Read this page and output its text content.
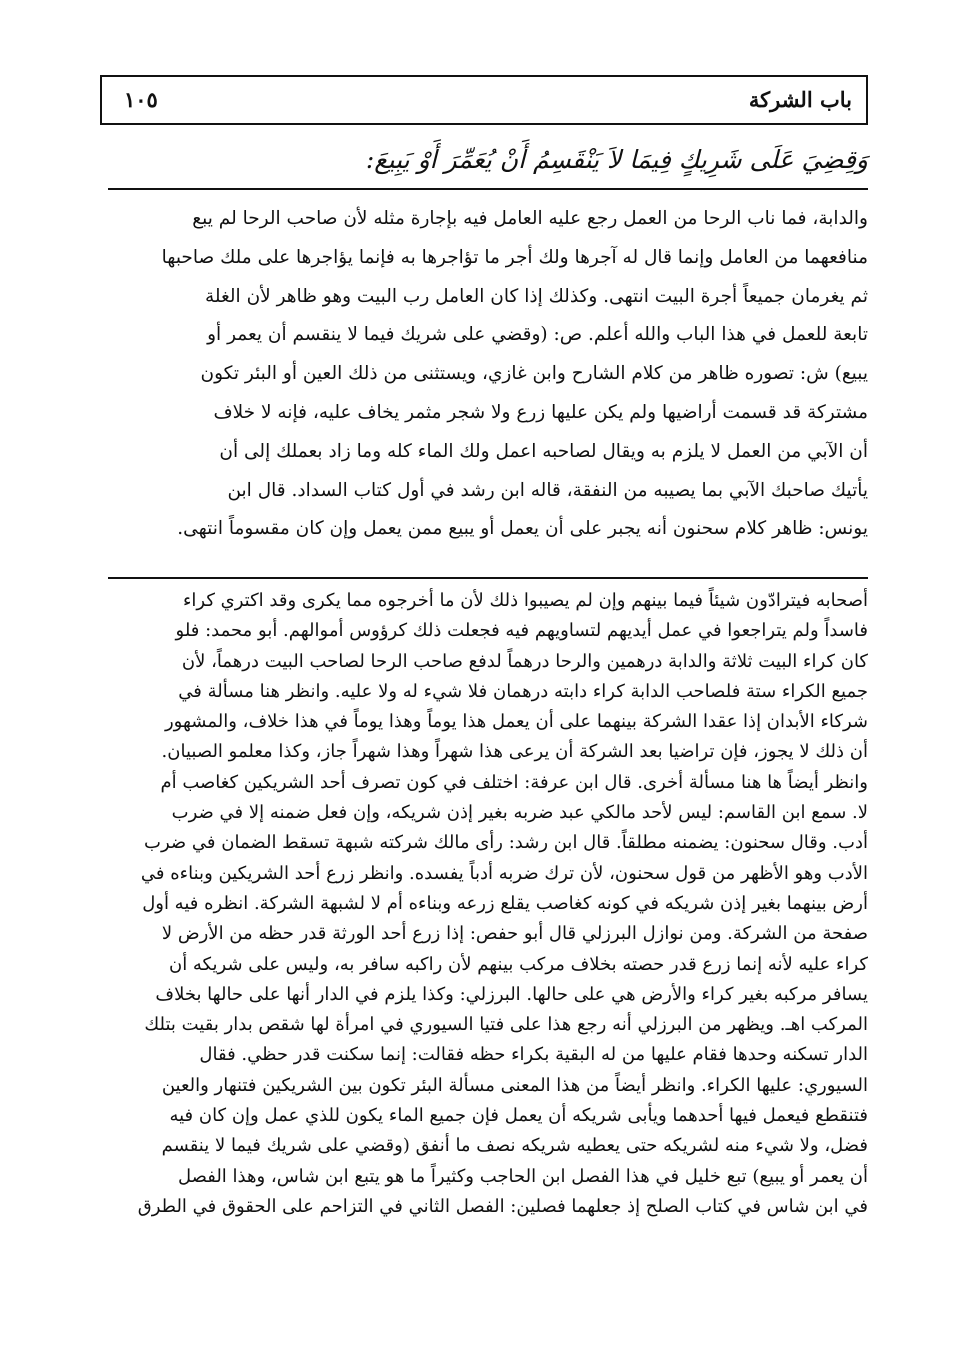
باب الشركة
١٠٥
وَقِضِيَ عَلَى شَرِيكٍ فِيمَا لاَ يَنْقَسِمُ أَنْ يُعَمِّرَ أَوْ يَبِيعَ:
والدابة، فما ناب الرحا من العمل رجع عليه العامل فيه بإجارة مثله لأن صاحب الرحا لم يبع
منافعهما من العامل وإنما قال له آجرها ولك أجر ما تؤاجرها به فإنما يؤاجرها على ملك صاحبها
ثم يغرمان جميعاً أجرة البيت انتهى. وكذلك إذا كان العامل رب البيت وهو ظاهر لأن الغلة
تابعة للعمل في هذا الباب والله أعلم. ص: (وقضي على شريك فيما لا ينقسم أن يعمر أو
يبيع) ش: تصوره ظاهر من كلام الشارح وابن غازي، ويستثنى من ذلك العين أو البئر تكون
مشتركة قد قسمت أراضيها ولم يكن عليها زرع ولا شجر مثمر يخاف عليه، فإنه لا خلاف
أن الآبي من العمل لا يلزم به ويقال لصاحبه اعمل ولك الماء كله وما زاد بعملك إلى أن
يأتيك صاحبك الآبي بما يصيبه من النفقة، قاله ابن رشد في أول كتاب السداد. قال ابن
يونس: ظاهر كلام سحنون أنه يجبر على أن يعمل أو يبيع ممن يعمل وإن كان مقسوماً انتهى.
أصحابه فيترادّون شيئاً فيما بينهم وإن لم يصيبوا ذلك لأن ما أخرجوه مما يكرى وقد اكتري كراء
فاسداً ولم يتراجعوا في عمل أيديهم لتساويهم فيه فجعلت ذلك كرؤوس أموالهم. أبو محمد: فلو
كان كراء البيت ثلاثة والدابة درهمين والرحا درهماً لدفع صاحب الرحا لصاحب البيت درهماً، لأن
جميع الكراء ستة فلصاحب الدابة كراء دابته درهمان فلا شيء له ولا عليه. وانظر هنا مسألة في
شركاء الأبدان إذا عقدا الشركة بينهما على أن يعمل هذا يوماً وهذا يوماً في هذا خلاف، والمشهور
أن ذلك لا يجوز، فإن تراضيا بعد الشركة أن يرعى هذا شهراً وهذا شهراً جاز، وكذا معلمو الصبيان.
وانظر أيضاً ها هنا مسألة أخرى. قال ابن عرفة: اختلف في كون تصرف أحد الشريكين كغاصب أم
لا. سمع ابن القاسم: ليس لأحد مالكي عبد ضربه بغير إذن شريكه، وإن فعل ضمنه إلا في ضرب
أدب. وقال سحنون: يضمنه مطلقاً. قال ابن رشد: رأى مالك شركته شبهة تسقط الضمان في ضرب
الأدب وهو الأظهر من قول سحنون، لأن ترك ضربه أدباً يفسده. وانظر زرع أحد الشريكين وبناءه في
أرض بينهما بغير إذن شريكه في كونه كغاصب يقلع زرعه وبناءه أم لا لشبهة الشركة. انظره فيه أول
صفحة من الشركة. ومن نوازل البرزلي قال أبو حفص: إذا زرع أحد الورثة قدر حظه من الأرض لا
كراء عليه لأنه إنما زرع قدر حصته بخلاف مركب بينهم لأن راكبه سافر به، وليس على شريكه أن
يسافر مركبه بغير كراء والأرض هي على حالها. البرزلي: وكذا يلزم في الدار أنها على حالها بخلاف
المركب اهـ. ويظهر من البرزلي أنه رجع هذا على فتيا السيوري في امرأة لها شقص بدار بقيت بتلك
الدار تسكنه وحدها فقام عليها من له البقية بكراء حظه فقالت: إنما سكنت قدر حظي. فقال
السيوري: عليها الكراء. وانظر أيضاً من هذا المعنى مسألة البئر تكون بين الشريكين فتنهار والعين
فتنقطع فيعمل فيها أحدهما ويأبى شريكه أن يعمل فإن جميع الماء يكون للذي عمل وإن كان فيه
فضل، ولا شيء منه لشريكه حتى يعطيه شريكه نصف ما أنفق (وقضي على شريك فيما لا ينقسم
أن يعمر أو يبيع) تبع خليل في هذا الفصل ابن الحاجب وكثيراً ما هو يتبع ابن شاس، وهذا الفصل
في ابن شاس في كتاب الصلح إذ جعلهما فصلين: الفصل الثاني في التزاحم على الحقوق في الطرق
